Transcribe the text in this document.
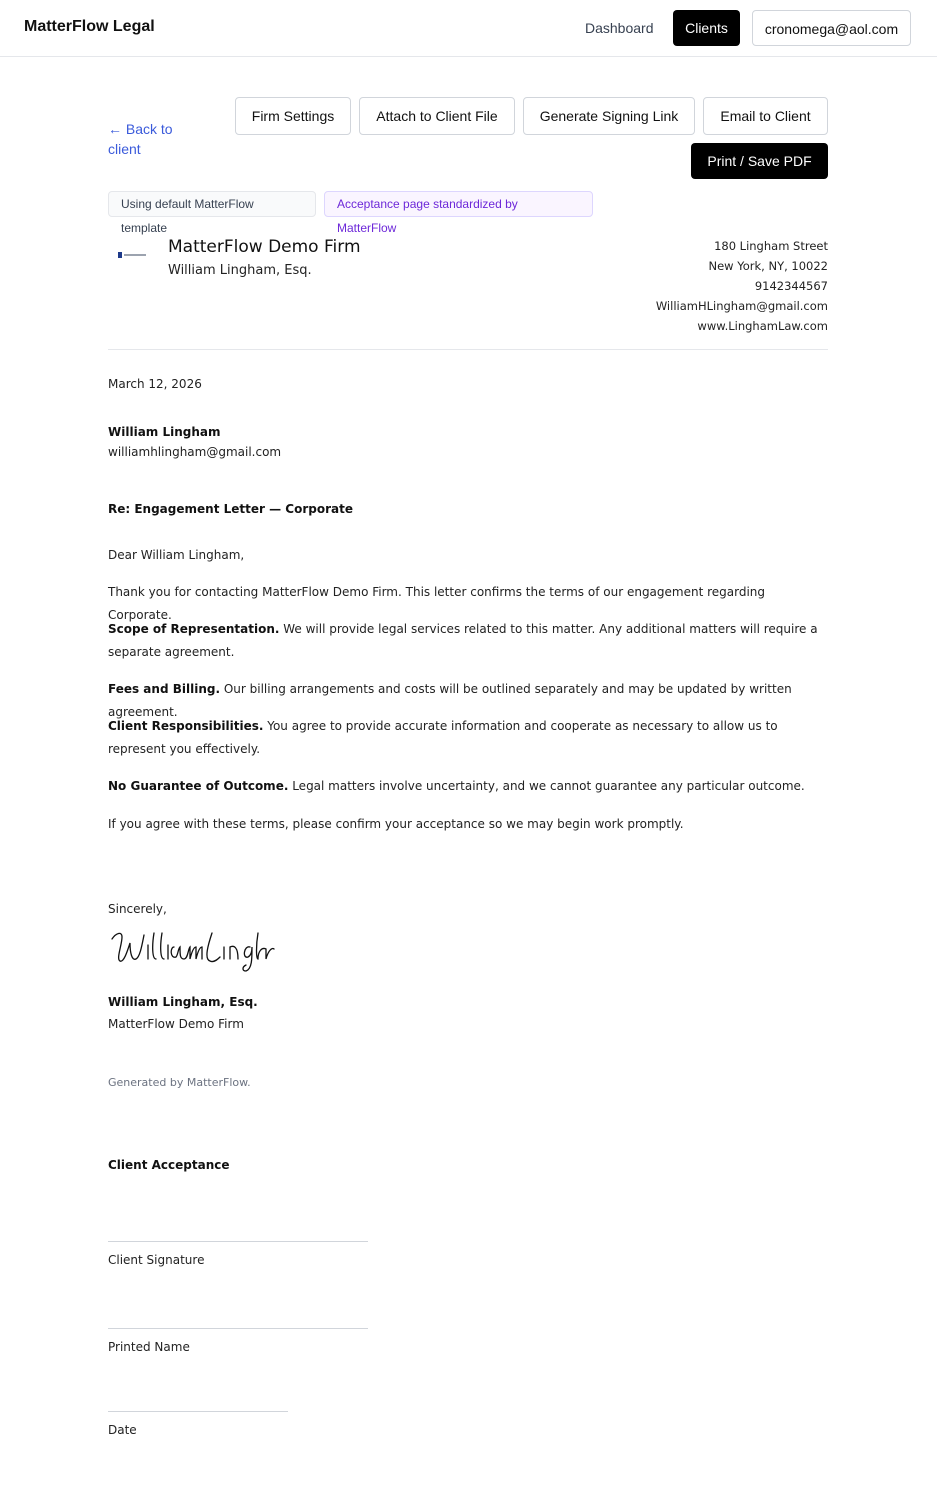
MatterFlow Legal	Dashboard	Clients	cronomega@aol.com
← Back to client
Firm Settings	Attach to Client File	Generate Signing Link	Email to Client
Print / Save PDF
Using default MatterFlow template
Acceptance page standardized by MatterFlow
MatterFlow Demo Firm
William Lingham, Esq.
180 Lingham Street
New York, NY, 10022
9142344567
WilliamHLingham@gmail.com
www.LinghamLaw.com
March 12, 2026
William Lingham
williamhlingham@gmail.com
Re: Engagement Letter — Corporate
Dear William Lingham,

Thank you for contacting MatterFlow Demo Firm. This letter confirms the terms of our engagement regarding Corporate.

Scope of Representation. We will provide legal services related to this matter. Any additional matters will require a separate agreement.

Fees and Billing. Our billing arrangements and costs will be outlined separately and may be updated by written agreement.

Client Responsibilities. You agree to provide accurate information and cooperate as necessary to allow us to represent you effectively.

No Guarantee of Outcome. Legal matters involve uncertainty, and we cannot guarantee any particular outcome.

If you agree with these terms, please confirm your acceptance so we may begin work promptly.

Sincerely,
William Lingham, Esq.
MatterFlow Demo Firm
Generated by MatterFlow.
Client Acceptance
Client Signature
Printed Name
Date
